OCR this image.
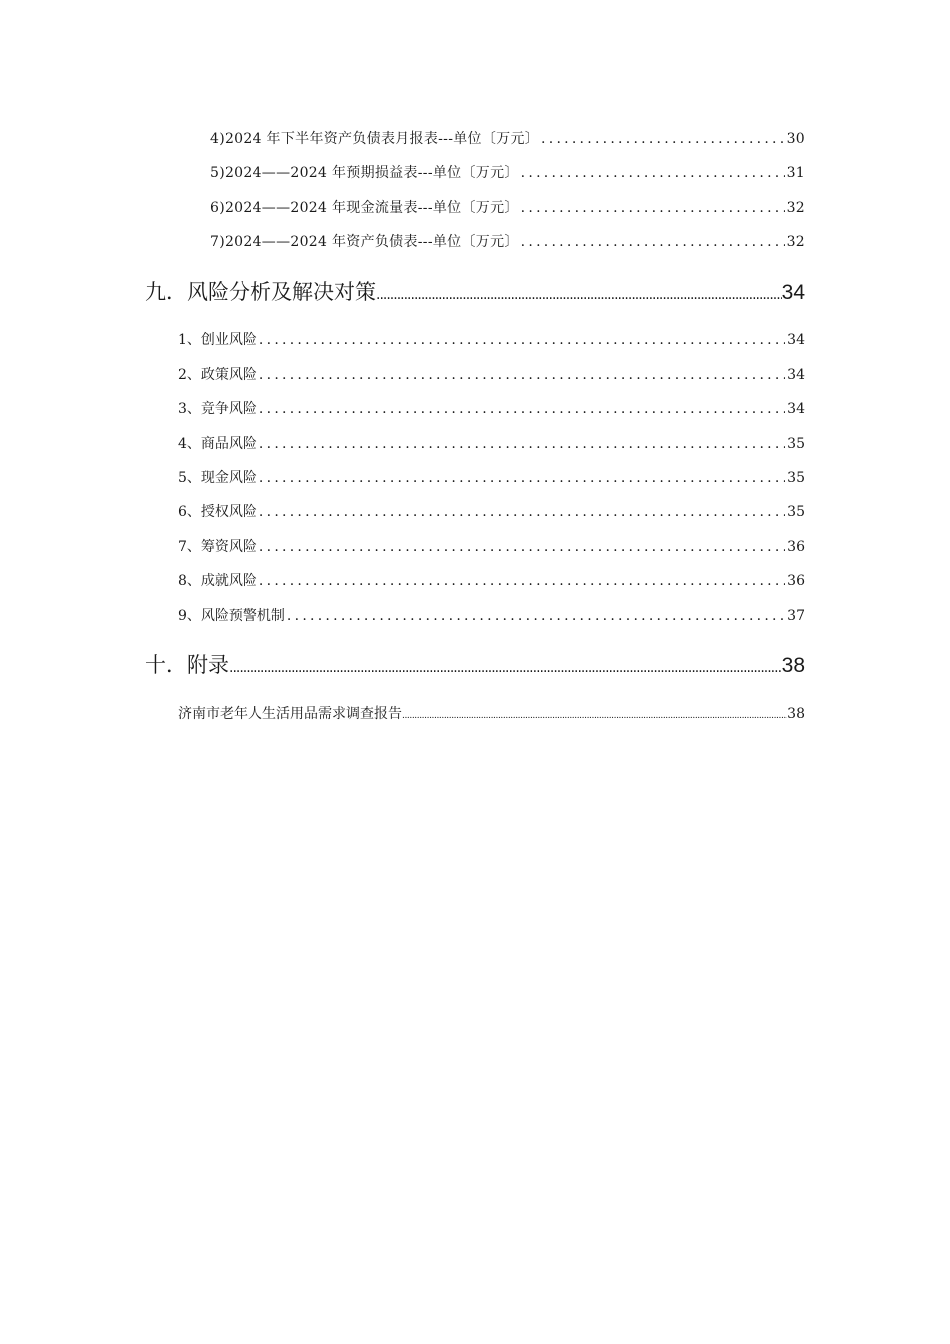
4)2024 年下半年资产负债表月报表---单位〔万元〕 . . .	30
5)2024——2024 年预期损益表---单位〔万元〕 . . .	31
6)2024——2024 年现金流量表---单位〔万元〕 . . .	32
7)2024——2024 年资产负债表---单位〔万元〕 . . .	32
九．风险分析及解决对策 .....	34
1、创业风险 . . .	34
2、政策风险 . . .	34
3、竞争风险 . . .	34
4、商品风险 . . .	35
5、现金风险 . . .	35
6、授权风险 . . .	35
7、筹资风险 . . .	36
8、成就风险 . . .	36
9、风险预警机制 . . .	37
十．附录 .....	38
济南市老年人生活用品需求调查报告 .....	38
